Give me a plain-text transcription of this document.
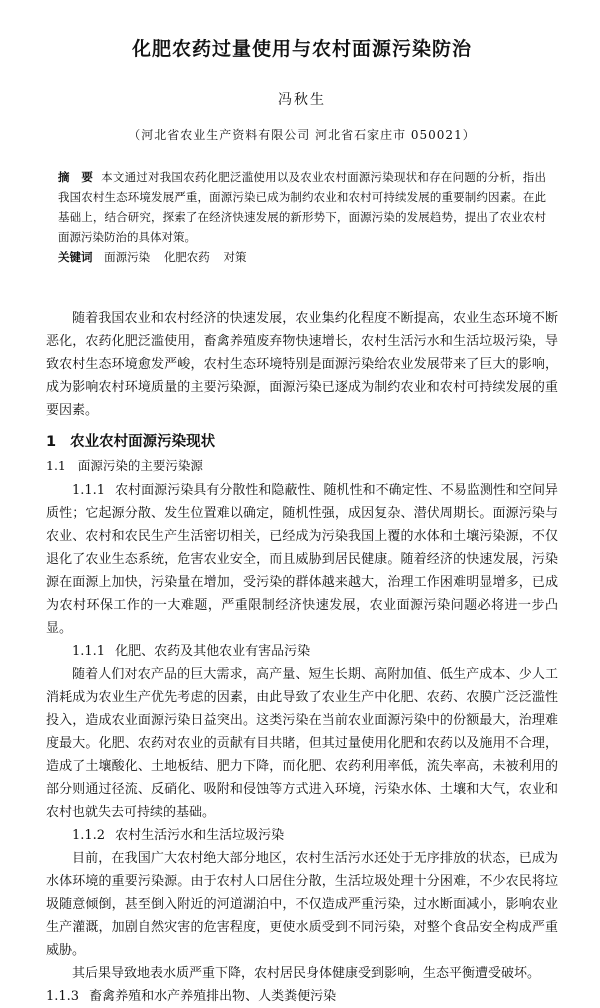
化肥农药过量使用与农村面源污染防治
冯秋生
（河北省农业生产资料有限公司 河北省石家庄市 050021）
摘　要 本文通过对我国农药化肥泛滥使用以及农业农村面源污染现状和存在问题的分析，指出我国农村生态环境发展严重，面源污染已成为制约农业和农村可持续发展的重要制约因素。在此基础上，结合研究，探索了在经济快速发展的新形势下，面源污染的发展趋势，提出了农业农村面源污染防治的具体对策。
关键词 面源污染 化肥农药 对策

随着我国农业和农村经济的快速发展，农业集约化程度不断提高，农业生态环境不断恶化，农药化肥泛滥使用，畜禽养殖废弃物快速增长，农村生活污水和生活垃圾污染，导致农村生态环境愈发严峻，农村生态环境特别是面源污染给农业发展带来了巨大的影响，成为影响农村环境质量的主要污染源，面源污染已逐成为制约农业和农村可持续发展的重要因素。

1 农业农村面源污染现状
1.1 面源污染的主要污染源

1.1.1 农村面源污染具有分散性和隐蔽性、随机性和不确定性、不易监测性和空间异质性；它起源分散、发生位置难以确定，随机性强，成因复杂、潜伏周期长。面源污染与农业、农村和农民生产生活密切相关，已经成为污染我国上覆的水体和土壤污染源，不仅退化了农业生态系统，危害农业安全，而且威胁到居民健康。随着经济的快速发展，污染源在面源上加快，污染量在增加，受污染的群体越来越大，治理工作困难明显增多，已成为农村环保工作的一大难题，严重限制经济快速发展，农业面源污染问题必将进一步凸显。

1.1.1 化肥、农药及其他农业有害品污染

随着人们对农产品的巨大需求，高产量、短生长期、高附加值、低生产成本、少人工消耗成为农业生产优先考虑的因素，由此导致了农业生产中化肥、农药、农膜广泛泛滥性投入，造成农业面源污染日益突出。这类污染在当前农业面源污染中的份额最大，治理难度最大。化肥、农药对农业的贡献有目共睹，但其过量使用化肥和农药以及施用不合理，造成了土壤酸化、土地板结、肥力下降，而化肥、农药利用率低，流失率高，未被利用的部分则通过径流、反硝化、吸附和侵蚀等方式进入环境，污染水体、土壤和大气，农业和农村也就失去可持续的基础。

1.1.2 农村生活污水和生活垃圾污染

目前，在我国广大农村绝大部分地区，农村生活污水还处于无序排放的状态，已成为水体环境的重要污染源。由于农村人口居住分散，生活垃圾处理十分困难，不少农民将垃圾随意倾倒，甚至倒入附近的河道湖泊中，不仅造成严重污染，过水断面减小，影响农业生产灌溉，加剧自然灾害的危害程度，更使水质受到不同污染，对整个食品安全构成严重威胁。

其后果导致地表水质严重下降，农村居民身体健康受到影响，生态平衡遭受破坏。

1.1.3 畜禽养殖和水产养殖排出物、人类粪便污染
